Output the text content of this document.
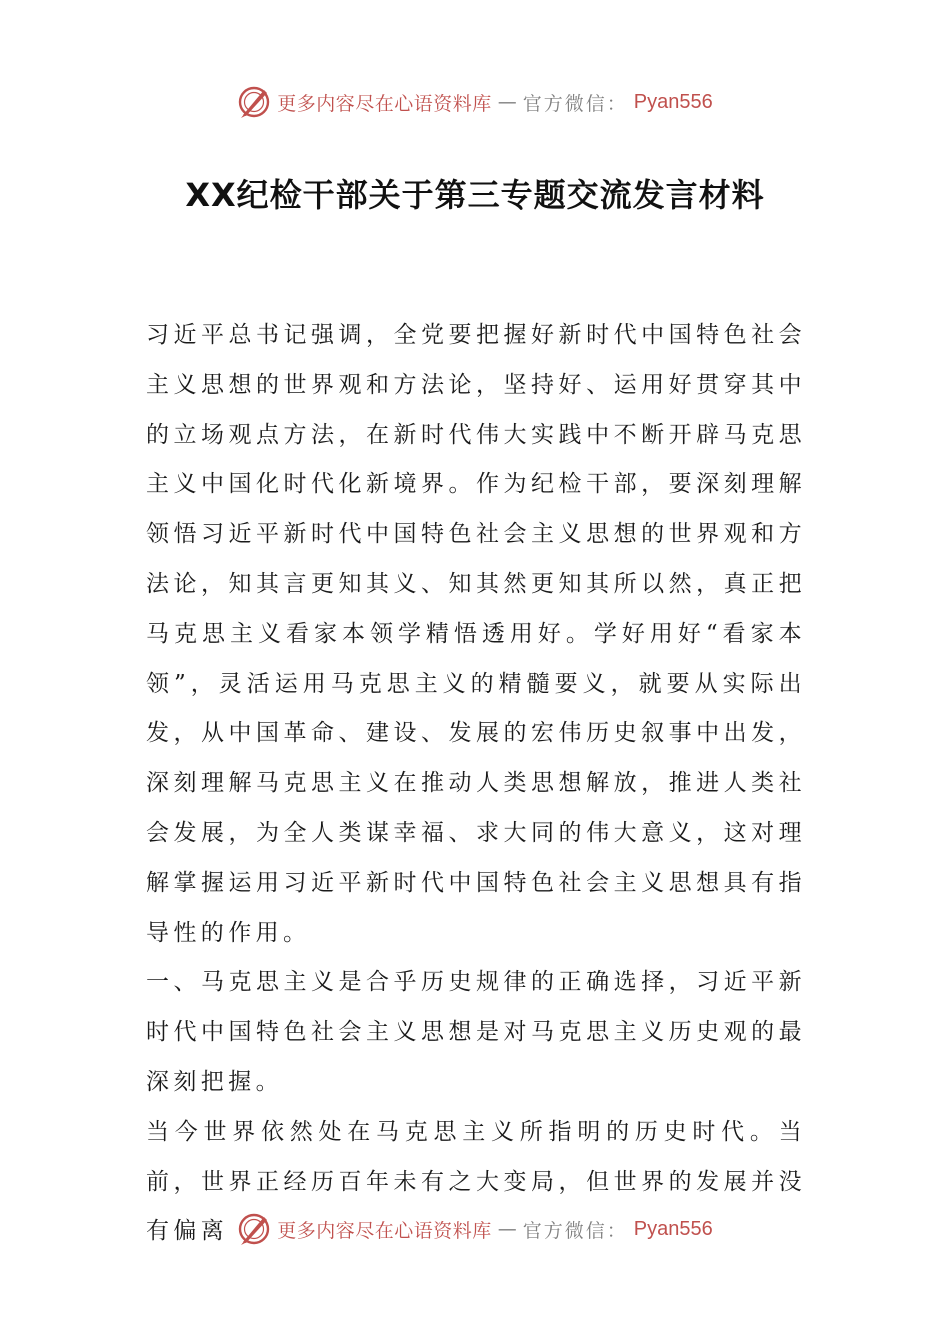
更多内容尽在心语资料库 — 官方微信： Pyan556
XX纪检干部关于第三专题交流发言材料

习近平总书记强调，全党要把握好新时代中国特色社会主义思想的世界观和方法论，坚持好、运用好贯穿其中的立场观点方法，在新时代伟大实践中不断开辟马克思主义中国化时代化新境界。作为纪检干部，要深刻理解领悟习近平新时代中国特色社会主义思想的世界观和方法论，知其言更知其义、知其然更知其所以然，真正把马克思主义看家本领学精悟透用好。学好用好“看家本领”，灵活运用马克思主义的精髓要义，就要从实际出发，从中国革命、建设、发展的宏伟历史叙事中出发，深刻理解马克思主义在推动人类思想解放，推进人类社会发展，为全人类谋幸福、求大同的伟大意义，这对理解掌握运用习近平新时代中国特色社会主义思想具有指导性的作用。

一、马克思主义是合乎历史规律的正确选择，习近平新时代中国特色社会主义思想是对马克思主义历史观的最深刻把握。

当今世界依然处在马克思主义所指明的历史时代。当前，世界正经历百年未有之大变局，但世界的发展并没有偏离	更多内容尽在心语资料库 — 官方微信： Pyan556
